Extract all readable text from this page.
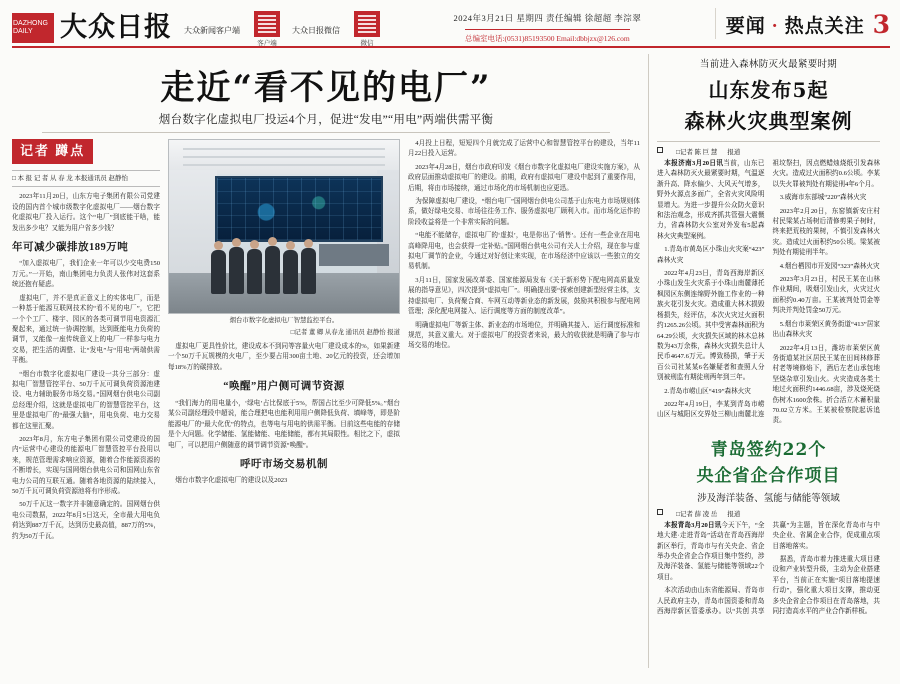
DAZHONG DAILY	大众日报 大众新闻客户端
客户端
大众日报微信
微信
2024年3月21日 星期四 责任编辑 徐超超 李淙翠
总编室电话:(0531)85193500 Email:dbbjzx@126.com
要闻 · 热点关注 3
走近“看不见的电厂”
烟台数字化虚拟电厂投运4个月，促进“发电”“用电”两端供需平衡
记者 蹲点
□ 本 报 记 者 从 春 龙 本报通讯员 赵静怡

2023年11月20日，山东方电子集团有限公司党建设的国内首个城市级数字化虚拟电厂——烟台数字化虚拟电厂投入运行。这个“电厂”到底能干啥，能发出多少电？又能为用户省多少钱？

年可减少碳排放189万吨

“加入虚拟电厂，我们企业一年可以少交电费150万元。”一开始，南山集团电力负责人张伟对这套系统还抱有疑虑。

虚拟电厂，并不是真正意义上的实体电厂，而是一种基于能源互联网技术的“看不见的电厂”，它把一个个工厂、楼宇、园区的各类可调节用电资源汇聚起来，通过统一协调控制，达到既能电力负荷的调节，又能像一座传统意义上的电厂一样参与电力交易，把生活的调整、让“发电”与“用电”两端供需平衡。

“烟台市数字化虚拟电厂建设一共分三部分：虚拟电厂智慧管控平台、50万千瓦可调负荷资源池建设、电力辅助服务市场交易。”国网烟台供电公司副总经理介绍，这就是虚拟电厂的智慧管控平台，这里是虚拟电厂的“最强大脑”，用电负荷、电力交易都在这里汇聚。

2023年8月，东方电子集团有限公司党建设的国内“运营中心建设的能源电厂智慧管控平台投用以来，规范管理需求响应资源，随着合作能源资源的不断增长，实现与国网烟台供电公司和国网山东省电力公司的互联互通。随着各地资源的陆续接入，50万千瓦可调负荷资源池将有序形成。

50万千瓦这一数字并非随意确定的。国网烟台供电公司数据，2022年8月5日这天，全市最大用电负荷达到887万千瓦，达到历史最高值，887万的5%，约为50万千瓦。

烟台市数字化虚拟电厂智慧监控平台。
□记者 董 卿 从春龙 通讯员 赵静怡 报道

虚拟电厂更具性价比，建设成本不到同等容量火电厂建设成本的%，如果新建一个50万千瓦规模的火电厂，至少要占用300亩土地、20亿元的投资，还会增加每18%万的碳排放。

“唤醒”用户侧可调节资源

“我们海力的用电量小，‘绿电’占比保底于5%，帮国占比至少可降低5%。”烟台某公司副经理段中超说，能合理把电也能利用用户侧降低负荷、填峰等，即是阶能源电厂的“最大化优”的特点，也等电与用电的供需平衡。目前这些电能的存储是个大问题。化学储能、氢能储能、电能储能，都有其局限性。相比之下，虚拟电厂，可以把用户侧随意的调节调节资源“唤醒”。

呼吁市场交易机制

烟台市数字化虚拟电厂的建设以及2023

4月投上日程，短短四个月就完成了运营中心和智慧管控平台的建设，当年11月22日投入运营。

2023年4月28日，烟台市政府印发《烟台市数字化虚拟电厂建设实施方案》，从政府层面推动虚拟电厂的建设。前期，政府有虚拟电厂建设中起到了重要作用，后期，将由市场接续，通过市场化的市场机制也应更迅。

为保障虚拟电厂建设，“烟台电厂”国网烟台供电公司基于山东电力市场规则体系，做好绿电交易、市场往往务工作、服务虚拟电厂顾利入市。而市场化运作的阶段收益将是一个非常实际的问题。

“电能不能储存，虚拟电厂的‘虚拟’，电是你出了‘销售’。还有一些企业在用电高峰降用电，也会获得一定补贴。”国网烟台供电公司有关人士介绍，现在参与虚拟电厂调节的企业，今通过对好创让来实现，在市场经济中应该以一些独立的交易机制。

3月11日，国家发展改革委、国家能源局发布《关于新形势下配电网高质量发展的指导意见》，四次提到“虚拟电厂”。明确提出要“探索创建新型经营主体，支持虚拟电厂、负荷聚合商、车网互动等新业态的新发展，鼓励其积极参与配电网管理；深化配电网接入、运行调度等方面的制度改革”。

明确虚拟电厂等新主体、新业态的市场地位，并明确其接入、运行调度标准和规范，其意义重大。对于虚拟电厂的投资者来说，最大的收获就是明确了参与市场交易的地位。

当前进入森林防灭火最紧要时期
山东发布5起
森林火灾典型案例
□记者 陈 巨 慧 报道

本报济南3月20日讯当前，山东已进入森林防灭火最紧要时期，气温逐渐升高、降水偏少、大风天气增多，野外火源点多面广，全省火灾风险明显增大。为进一步提升公众防火意识和法治观念，形成齐抓共管强大震慑力，省森林防火公室对外发布5起森林火灾典型案例。

1.青岛市黄岛区小珠山火灾案“423”森林火灾

2022年4月23日，青岛西海岸新区小珠山发生火灾系于小珠山南麓薄托枫园区东侧连绵野外施工作业的一种族火花引发火灾。造成重大林木损毁杨损失，经评估，本次火灾过火面积约1265.26公顷。其中受害森林面积为64.29公顷，火灾损失区域的林木总林数为43万余株，森林火灾损失总计人民币4647.6万元。博致杨损，肇于天百公司社某某6名嫌疑者和查照人分别被刑监有期徒刑两年到三年。

2.青岛市崂山区“419”森林火灾

2022年4月19日，李某到青岛市崂山区与城阳区交界处三柳山南麓北连祖坟祭扫，因点燃蜡烛烧纸引发森林火灾。造成过火面积约0.6公顷。李某以失火罪被判处有期徒刑4年6个月。

3.威海市东部城“220”森林火灾

2023年2月20日，东窑镇新安庄村村民梁某占场树后清修剪果子树时，终来把荒枝的果树，不慎引发森林火灾。造成过火面积约50公顷。梁某被判处有期徒刑半年。

4.烟台栖园市开发园“323”森林火灾

2023年3月23日，村民王某在山林作业期间，吸烟引发山火，火灾过火面积约0.40万亩。王某被判处罚金等判决并判处罚金50万元。

5.烟台市莱荣区黄务街道“413”居家出山森林火灾

2022年4月13日，潍坊市莱荣区黄务街道某社区居民王某在田间林修葬村老等境修焰下，酒后左老山承包地坚烧杂草引发山火。火灾造成各类土地过火面积约1446.68亩，涉及烧死烧伤树木1600余株。折合活立木蓄积量70.02立方米。王某被检察院起诉追责。

青岛签约22个
央企省企合作项目
涉及海洋装备、氢能与储能等领域
□记者 薛 凌 岳 报道

本报青岛3月20日讯今天下午，“全地大建·走进青岛”活动在青岛西海岸新区举行，青岛市与有关央企、省企举办央企省企合作项目集中签约，涉及海洋装备、氢能与储能等领域22个项目。

本次活动由山东省能源局、青岛市人民政府主办，青岛市国资委和青岛西海岸新区管委承办。以“共创 共享 共赢”为主题，旨在深化青岛市与中央企业、省属企业合作，促成重点项目落地落实。

据悉，青岛市着力推进重大项目建设和产业转型升级，主动为企业搭建平台，当前正在实施“项目落地提速行动”，强化重大项目支撑，推动更多央企省企合作项目在青岛落地，共同打造高水平的产业合作新样板。
